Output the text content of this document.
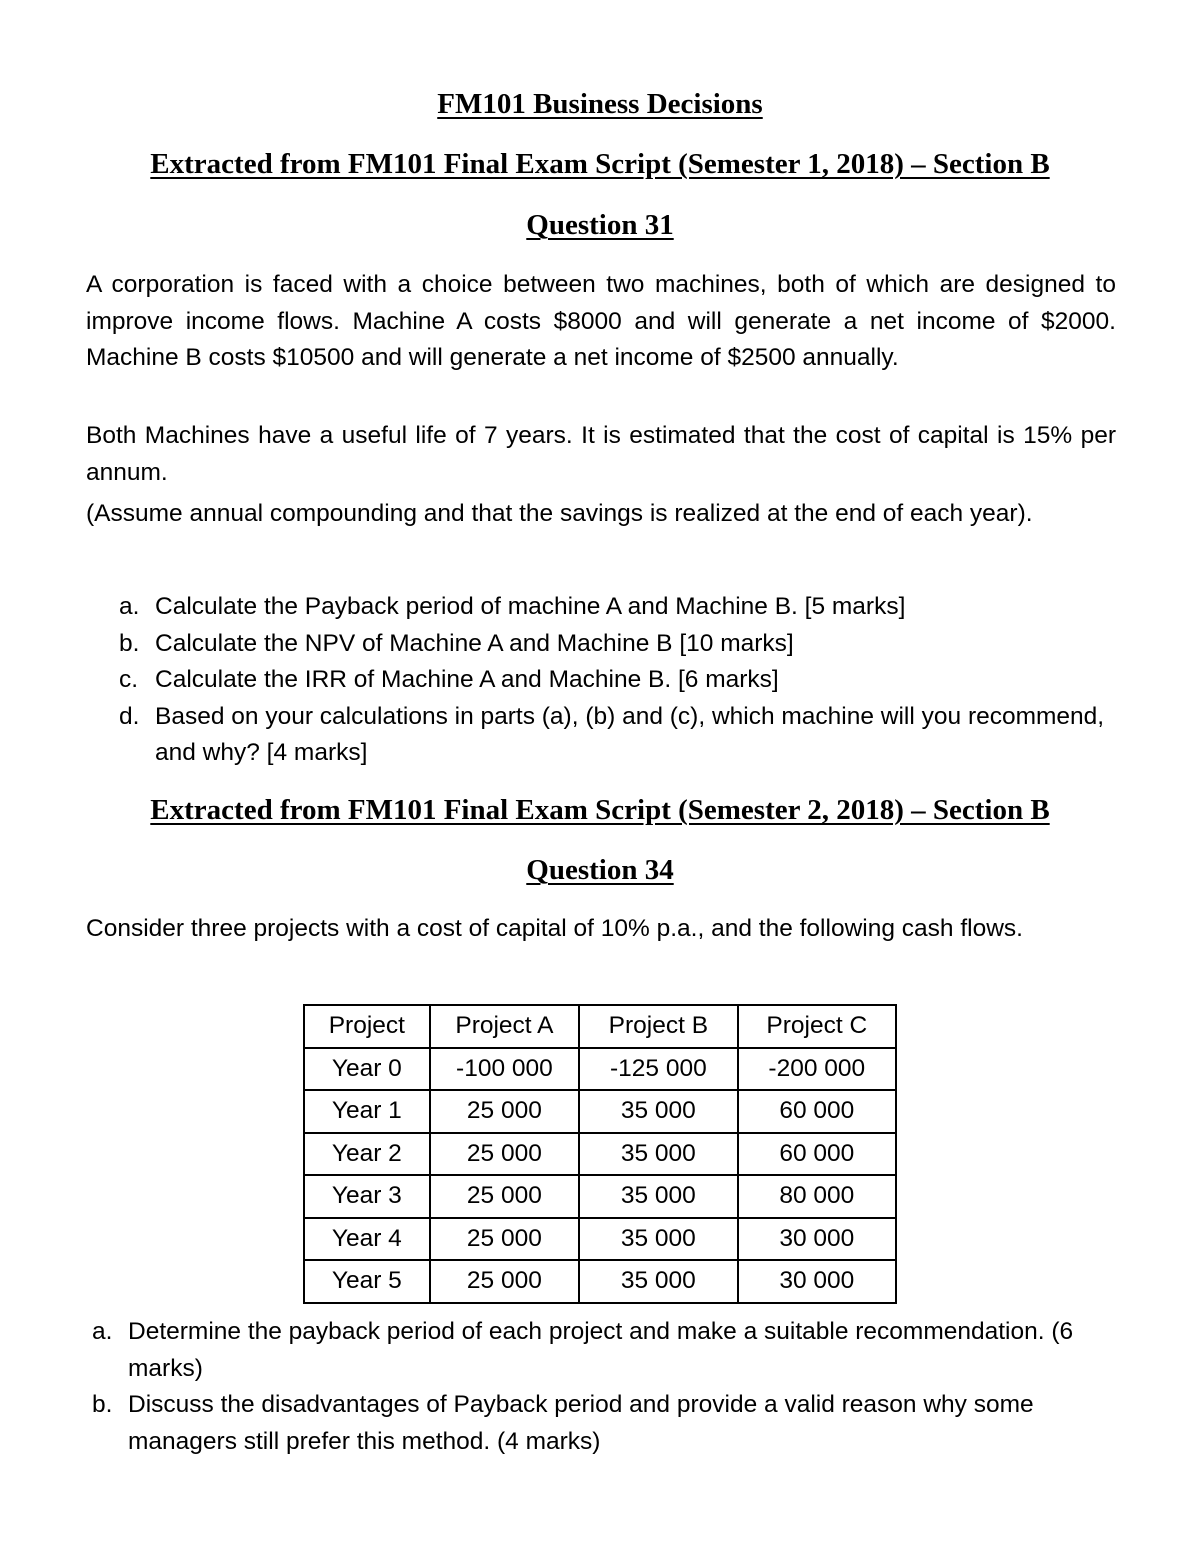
FM101 Business Decisions
Extracted from FM101 Final Exam Script (Semester 1, 2018) – Section B
Question 31

A corporation is faced with a choice between two machines, both of which are designed to improve income flows. Machine A costs $8000 and will generate a net income of $2000. Machine B costs $10500 and will generate a net income of $2500 annually.

Both Machines have a useful life of 7 years. It is estimated that the cost of capital is 15% per annum.

(Assume annual compounding and that the savings is realized at the end of each year).

a. Calculate the Payback period of machine A and Machine B. [5 marks]
b. Calculate the NPV of Machine A and Machine B [10 marks]
c. Calculate the IRR of Machine A and Machine B. [6 marks]
d. Based on your calculations in parts (a), (b) and (c), which machine will you recommend, and why? [4 marks]
Extracted from FM101 Final Exam Script (Semester 2, 2018) – Section B
Question 34

Consider three projects with a cost of capital of 10% p.a., and the following cash flows.

Project	Project A	Project B	Project C
Year 0	-100 000	-125 000	-200 000
Year 1	25 000	35 000	60 000
Year 2	25 000	35 000	60 000
Year 3	25 000	35 000	80 000
Year 4	25 000	35 000	30 000
Year 5	25 000	35 000	30 000
a. Determine the payback period of each project and make a suitable recommendation. (6 marks)
b. Discuss the disadvantages of Payback period and provide a valid reason why some managers still prefer this method. (4 marks)
